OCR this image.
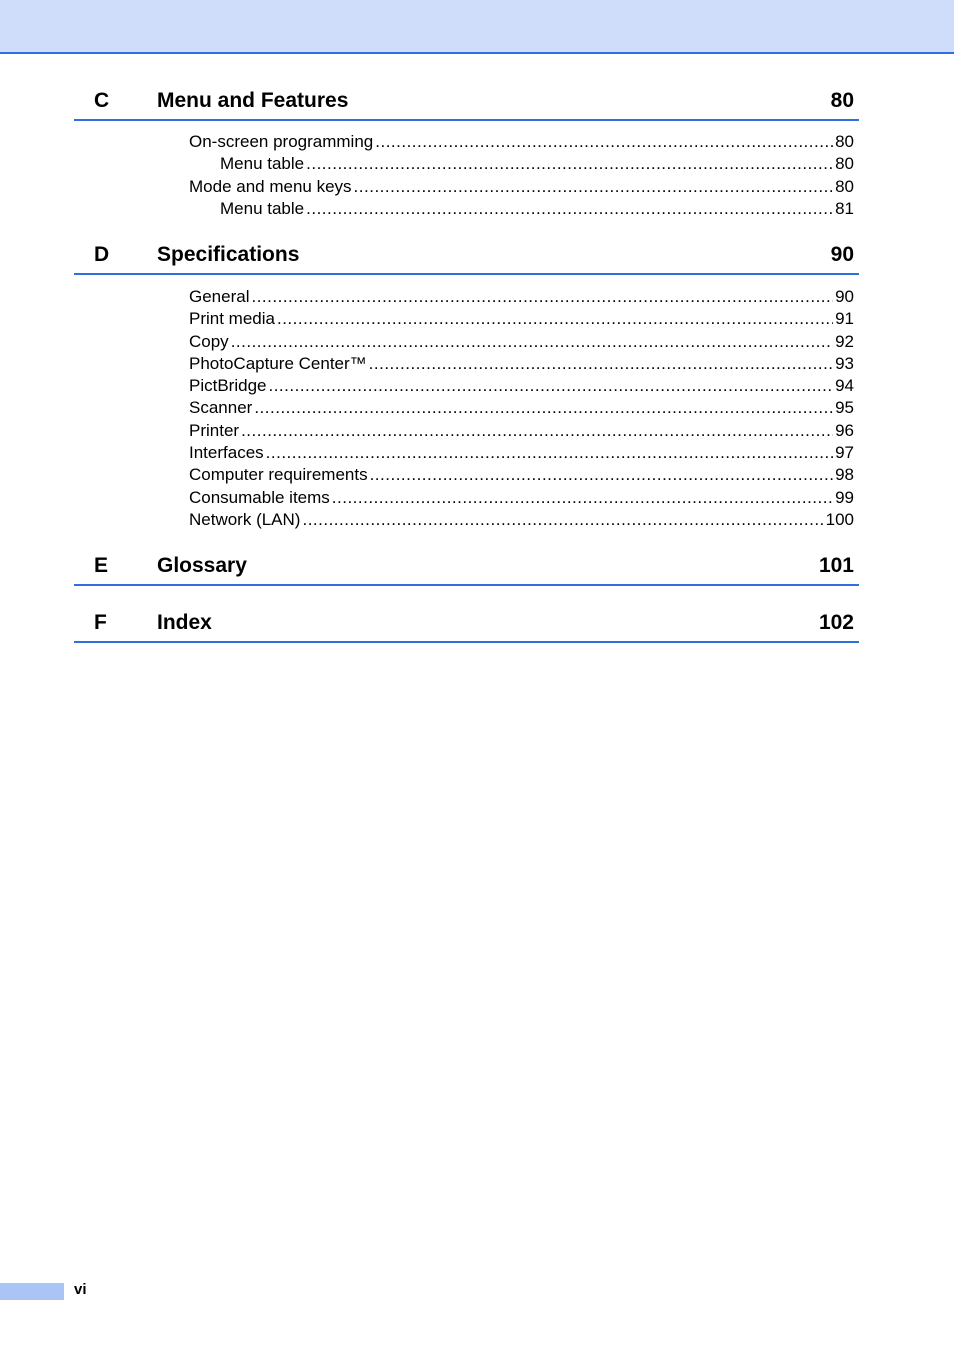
C Menu and Features	80
On-screen programming .....	80
Menu table .....	80
Mode and menu keys .....	80
Menu table .....	81
D Specifications	90
General .....	90
Print media .....	91
Copy .....	92
PhotoCapture Center™ .....	93
PictBridge .....	94
Scanner .....	95
Printer .....	96
Interfaces .....	97
Computer requirements .....	98
Consumable items .....	99
Network (LAN) .....	100
E Glossary	101
F Index	102
vi
